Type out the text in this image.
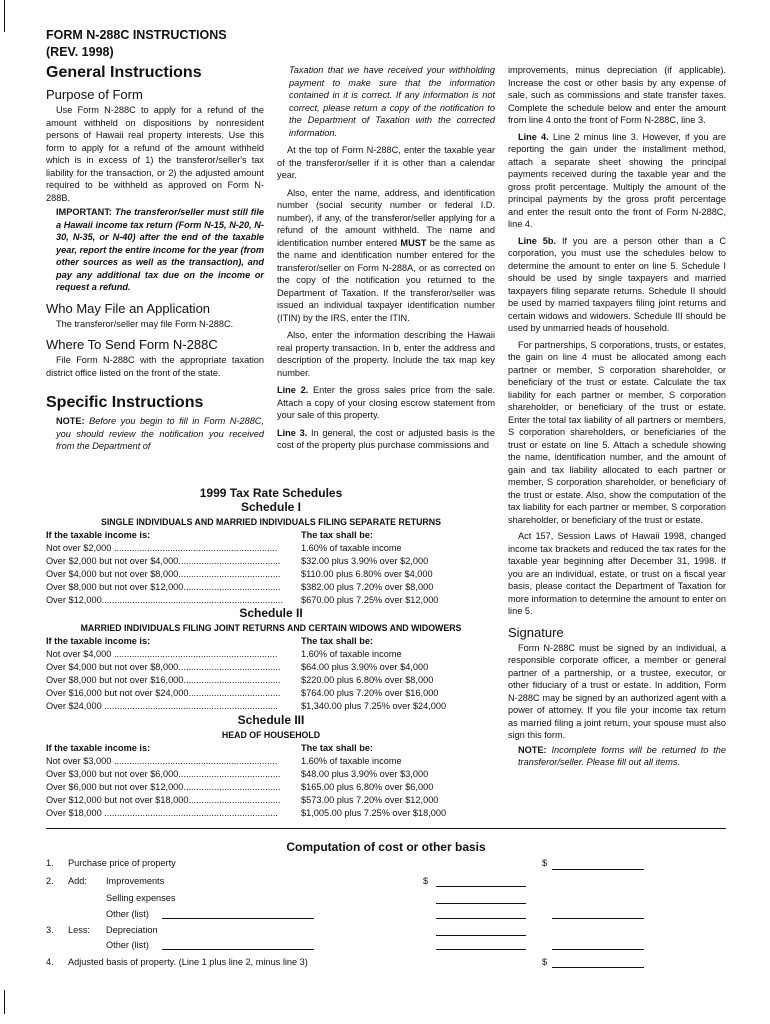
FORM N-288C INSTRUCTIONS
(REV. 1998)
General Instructions
Purpose of Form
Use Form N-288C to apply for a refund of the amount withheld on dispositions by nonresident persons of Hawaii real property interests. Use this form to apply for a refund of the amount withheld which is in excess of 1) the transferor/seller's tax liability for the transaction, or 2) the adjusted amount required to be withheld as approved on Form N-288B.
IMPORTANT: The transferor/seller must still file a Hawaii income tax return (Form N-15, N-20, N-30, N-35, or N-40) after the end of the taxable year, report the entire income for the year (from other sources as well as the transaction), and pay any additional tax due on the income or request a refund.
Who May File an Application
The transferor/seller may file Form N-288C.
Where To Send Form N-288C
File Form N-288C with the appropriate taxation district office listed on the front of the state.
Specific Instructions
NOTE: Before you begin to fill in Form N-288C, you should review the notification you received from the Department of
Taxation that we have received your withholding payment to make sure that the information contained in it is correct. If any information is not correct, please return a copy of the notification to the Department of Taxation with the corrected information.
At the top of Form N-288C, enter the taxable year of the transferor/seller if it is other than a calendar year.
Also, enter the name, address, and identification number (social security number or federal I.D. number), if any, of the transferor/seller applying for a refund of the amount withheld. The name and identification number entered MUST be the same as the name and identification number entered for the transferor/seller on Form N-288A, or as corrected on the copy of the notification you returned to the Department of Taxation. If the transferor/seller was issued an individual taxpayer identification number (ITIN) by the IRS, enter the ITIN.
Also, enter the information describing the Hawaii real property transaction. In b, enter the address and description of the property. Include the tax map key number.
Line 2. Enter the gross sales price from the sale. Attach a copy of your closing escrow statement from your sale of this property.
Line 3. In general, the cost or adjusted basis is the cost of the property plus purchase commissions and
improvements, minus depreciation (if applicable). Increase the cost or other basis by any expense of sale, such as commissions and state transfer taxes. Complete the schedule below and enter the amount from line 4 onto the front of Form N-288C, line 3.
Line 4. Line 2 minus line 3. However, if you are reporting the gain under the installment method, attach a separate sheet showing the principal payments received during the taxable year and the gross profit percentage. Multiply the amount of the principal payments by the gross profit percentage and enter the result onto the front of Form N-288C, line 4.
Line 5b. If you are a person other than a C corporation, you must use the schedules below to determine the amount to enter on line 5. Schedule I should be used by single taxpayers and married taxpayers filing separate returns. Schedule II should be used by married taxpayers filing joint returns and certain widows and widowers. Schedule III should be used by unmarried heads of household.
For partnerships, S corporations, trusts, or estates, the gain on line 4 must be allocated among each partner or member, S corporation shareholder, or beneficiary of the trust or estate. Calculate the tax liability for each partner or member, S corporation shareholder, or beneficiary of the trust or estate. Enter the total tax liability of all partners or members, S corporation shareholders, or beneficiaries of the trust or estate on line 5. Attach a schedule showing the name, identification number, and the amount of gain and tax liability allocated to each partner or member, S corporation shareholder, or beneficiary of the trust or estate. Also, show the computation of the tax liability for each partner or member, S corporation shareholder, or beneficiary of the trust or estate.
Act 157, Session Laws of Hawaii 1998, changed income tax brackets and reduced the tax rates for the taxable year beginning after December 31, 1998. If you are an individual, estate, or trust on a fiscal year basis, please contact the Department of Taxation for more information to determine the amount to enter on line 5.
Signature
Form N-288C must be signed by an individual, a responsible corporate officer, a member or general partner of a partnership, or a trustee, executor, or other fiduciary of a trust or estate. In addition, Form N-288C may be signed by an authorized agent with a power of attorney. If you file your income tax return as married filing a joint return, your spouse must also sign this form.
NOTE: Incomplete forms will be returned to the transferor/seller. Please fill out all items.
1999 Tax Rate Schedules
Schedule I
SINGLE INDIVIDUALS AND MARRIED INDIVIDUALS FILING SEPARATE RETURNS
If the taxable income is:	The tax shall be:
Not over $2,000 ................................................................	1.60% of taxable income
Over $2,000 but not over $4,000........................................ $32.00 plus 3.90% over $2,000
Over $4,000 but not over $8,000........................................ $110.00 plus 6.80% over $4,000
Over $8,000 but not over $12,000...................................... $382.00 plus 7.20% over $8,000
Over $12,000....................................................................... $670.00 plus 7.25% over $12,000
Schedule II
MARRIED INDIVIDUALS FILING JOINT RETURNS AND CERTAIN WIDOWS AND WIDOWERS
If the taxable income is:	The tax shall be:
Not over $4,000 ................................................................	1.60% of taxable income
Over $4,000 but not over $8,000........................................ $64.00 plus 3.90% over $4,000
Over $8,000 but not over $16,000...................................... $220.00 plus 6.80% over $8,000
Over $16,000 but not over $24,000.................................... $764.00 plus 7.20% over $16,000
Over $24,000 ....................................................................	$1,340.00 plus 7.25% over $24,000
Schedule III
HEAD OF HOUSEHOLD
If the taxable income is:	The tax shall be:
Not over $3,000 ................................................................	1.60% of taxable income
Over $3,000 but not over $6,000........................................ $48.00 plus 3.90% over $3,000
Over $6,000 but not over $12,000...................................... $165.00 plus 6.80% over $6,000
Over $12,000 but not over $18,000.................................... $573.00 plus 7.20% over $12,000
Over $18,000 ....................................................................	$1,005.00 plus 7.25% over $18,000
Computation of cost or other basis
1. Purchase price of property	$
2. Add: Improvements	$
Selling expenses
Other (list)
3. Less: Depreciation
Other (list)
4. Adjusted basis of property. (Line 1 plus line 2, minus line 3)	$
